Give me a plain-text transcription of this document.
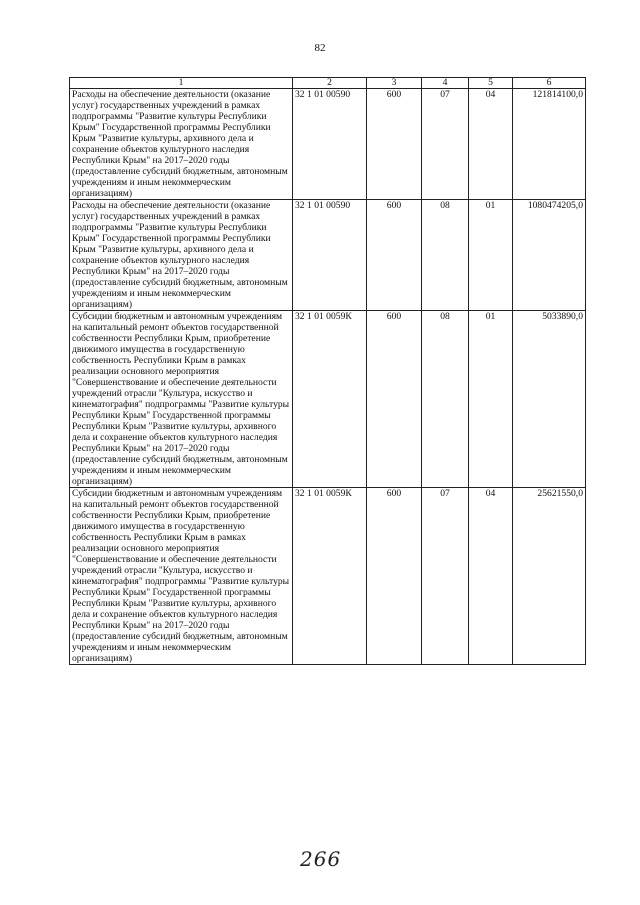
82
1	2	3	4	5	6
Расходы на обеспечение деятельности (оказание услуг) государственных учреждений в рамках подпрограммы "Развитие культуры Республики Крым" Государственной программы Республики Крым "Развитие культуры, архивного дела и сохранение объектов культурного наследия Республики Крым" на 2017–2020 годы (предоставление субсидий бюджетным, автономным учреждениям и иным некоммерческим организациям)	32 1 01 00590	600	07	04	121814100,0
Расходы на обеспечение деятельности (оказание услуг) государственных учреждений в рамках подпрограммы "Развитие культуры Республики Крым" Государственной программы Республики Крым "Развитие культуры, архивного дела и сохранение объектов культурного наследия Республики Крым" на 2017–2020 годы (предоставление субсидий бюджетным, автономным учреждениям и иным некоммерческим организациям)	32 1 01 00590	600	08	01	1080474205,0
Субсидии бюджетным и автономным учреждениям на капитальный ремонт объектов государственной собственности Республики Крым, приобретение движимого имущества в государственную собственность Республики Крым в рамках реализации основного мероприятия "Совершенствование и обеспечение деятельности учреждений отрасли "Культура, искусство и кинематография" подпрограммы "Развитие культуры Республики Крым" Государственной программы Республики Крым "Развитие культуры, архивного дела и сохранение объектов культурного наследия Республики Крым" на 2017–2020 годы (предоставление субсидий бюджетным, автономным учреждениям и иным некоммерческим организациям)	32 1 01 0059К	600	08	01	5033890,0
Субсидии бюджетным и автономным учреждениям на капитальный ремонт объектов государственной собственности Республики Крым, приобретение движимого имущества в государственную собственность Республики Крым в рамках реализации основного мероприятия "Совершенствование и обеспечение деятельности учреждений отрасли "Культура, искусство и кинематография" подпрограммы "Развитие культуры Республики Крым" Государственной программы Республики Крым "Развитие культуры, архивного дела и сохранение объектов культурного наследия Республики Крым" на 2017–2020 годы (предоставление субсидий бюджетным, автономным учреждениям и иным некоммерческим организациям)	32 1 01 0059К	600	07	04	25621550,0
266
